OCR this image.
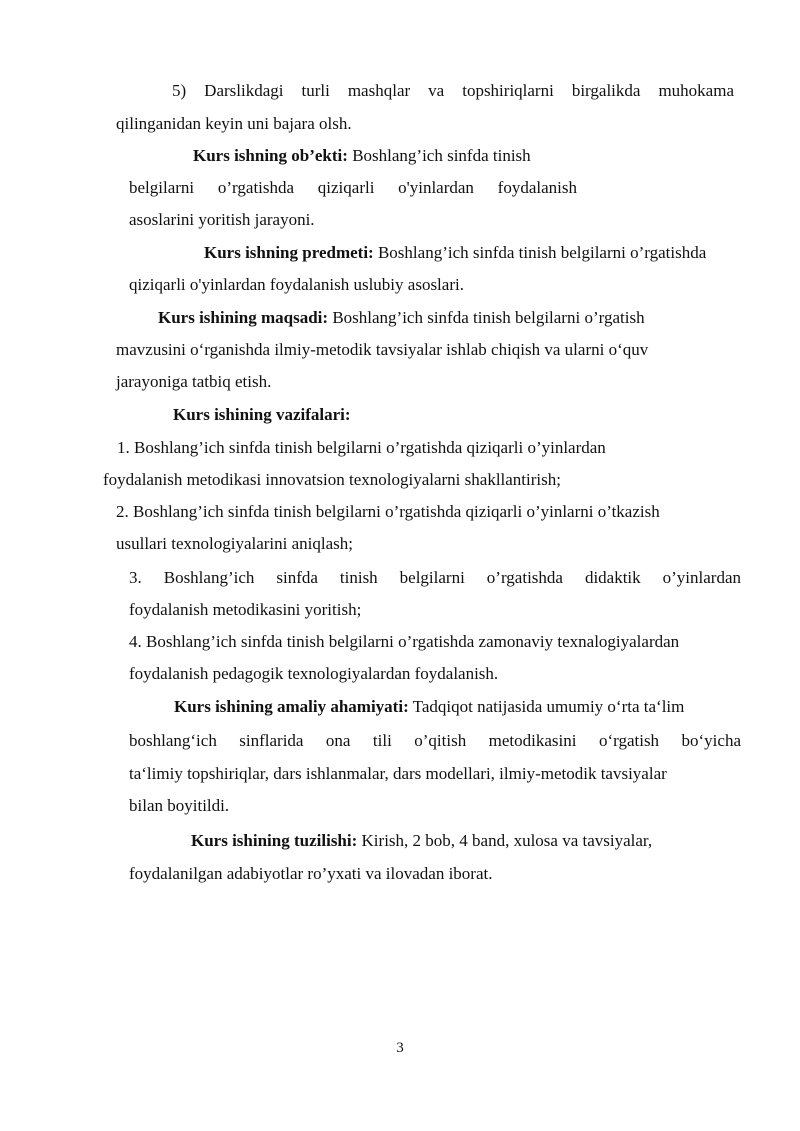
5) Darslikdagi turli mashqlar va topshiriqlarni birgalikda muhokama
qilinganidan keyin uni bajara olsh.
Kurs ishning ob’ekti: Boshlang’ich sinfda tinish
belgilarni o’rgatishda qiziqarli o'yinlardan foydalanish
asoslarini yoritish jarayoni.
Kurs ishning predmeti: Boshlang’ich sinfda tinish belgilarni o’rgatishda
qiziqarli o'yinlardan foydalanish uslubiy asoslari.
Kurs ishining maqsadi: Boshlang’ich sinfda tinish belgilarni o’rgatish
mavzusini o‘rganishda ilmiy-metodik tavsiyalar ishlab chiqish va ularni o‘quv
jarayoniga tatbiq etish.
Kurs ishining vazifalari:
1. Boshlang’ich sinfda tinish belgilarni o’rgatishda qiziqarli o’yinlardan
foydalanish metodikasi innovatsion texnologiyalarni shakllantirish;
2. Boshlang’ich sinfda tinish belgilarni o’rgatishda qiziqarli o’yinlarni o’tkazish
usullari texnologiyalarini aniqlash;
3. Boshlang’ich sinfda tinish belgilarni o’rgatishda didaktik o’yinlardan
foydalanish metodikasini yoritish;
4. Boshlang’ich sinfda tinish belgilarni o’rgatishda zamonaviy texnalogiyalardan
foydalanish pedagogik texnologiyalardan foydalanish.
Kurs ishining amaliy ahamiyati: Tadqiqot natijasida umumiy o‘rta ta‘lim
boshlang‘ich sinflarida ona tili o’qitish metodikasini o‘rgatish bo‘yicha
ta‘limiy topshiriqlar, dars ishlanmalar, dars modellari, ilmiy-metodik tavsiyalar
bilan boyitildi.
Kurs ishining tuzilishi: Kirish, 2 bob, 4 band, xulosa va tavsiyalar,
foydalanilgan adabiyotlar ro’yxati va ilovadan iborat.
3
